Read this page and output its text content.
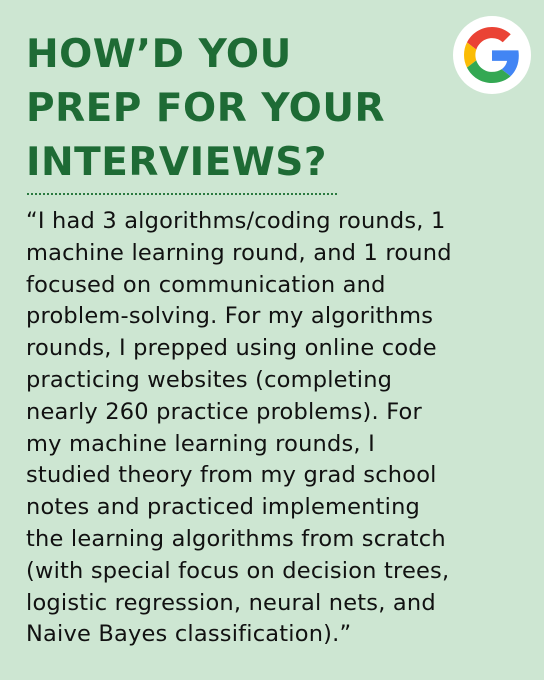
HOW’D YOU
PREP FOR YOUR
INTERVIEWS?

“I had 3 algorithms/coding rounds, 1
machine learning round, and 1 round
focused on communication and
problem-solving. For my algorithms
rounds, I prepped using online code
practicing websites (completing
nearly 260 practice problems). For
my machine learning rounds, I
studied theory from my grad school
notes and practiced implementing
the learning algorithms from scratch
(with special focus on decision trees,
logistic regression, neural nets, and
Naive Bayes classification).”
